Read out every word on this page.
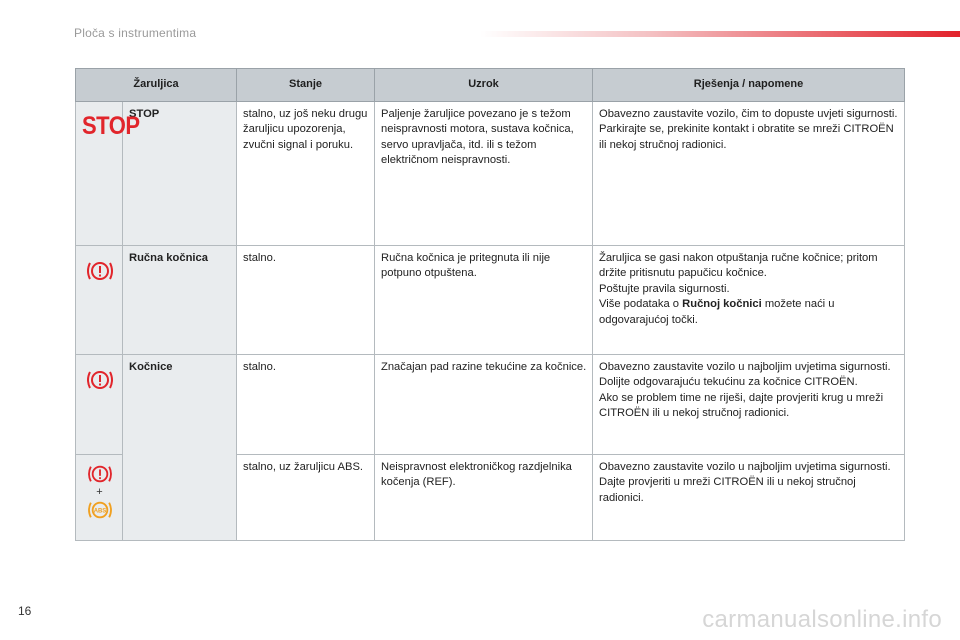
Ploča s instrumentima
Žaruljica		Stanje	Uzrok	Rješenja / napomene
STOP	STOP	stalno, uz još neku drugu žaruljicu upozorenja, zvučni signal i poruku.	Paljenje žaruljice povezano je s težom neispravnosti motora, sustava kočnica, servo upravljača, itd. ili s težom električnom neispravnosti.	Obavezno zaustavite vozilo, čim to dopuste uvjeti sigurnosti.
Parkirajte se, prekinite kontakt i obratite se mreži CITROËN ili nekoj stručnoj radionici.

	Ručna kočnica	stalno.	Ručna kočnica je pritegnuta ili nije potpuno otpuštena.	Žaruljica se gasi nakon otpuštanja ručne kočnice; pritom držite pritisnutu papučicu kočnice.
Poštujte pravila sigurnosti.
Više podataka o Ručnoj kočnici možete naći u odgovarajućoj točki.

	Kočnice	stalno.	Značajan pad razine tekućine za kočnice.	Obavezno zaustavite vozilo u najboljim uvjetima sigurnosti.
Dolijte odgovarajuću tekućinu za kočnice CITROËN.
Ako se problem time ne riješi, dajte provjeriti krug u mreži CITROËN ili u nekoj stručnoj radionici.

+
ABS		stalno, uz žaruljicu ABS.	Neispravnost elektroničkog razdjelnika kočenja (REF).	Obavezno zaustavite vozilo u najboljim uvjetima sigurnosti.
Dajte provjeriti u mreži CITROËN ili u nekoj stručnoj radionici.
16	carmanualsonline.info
